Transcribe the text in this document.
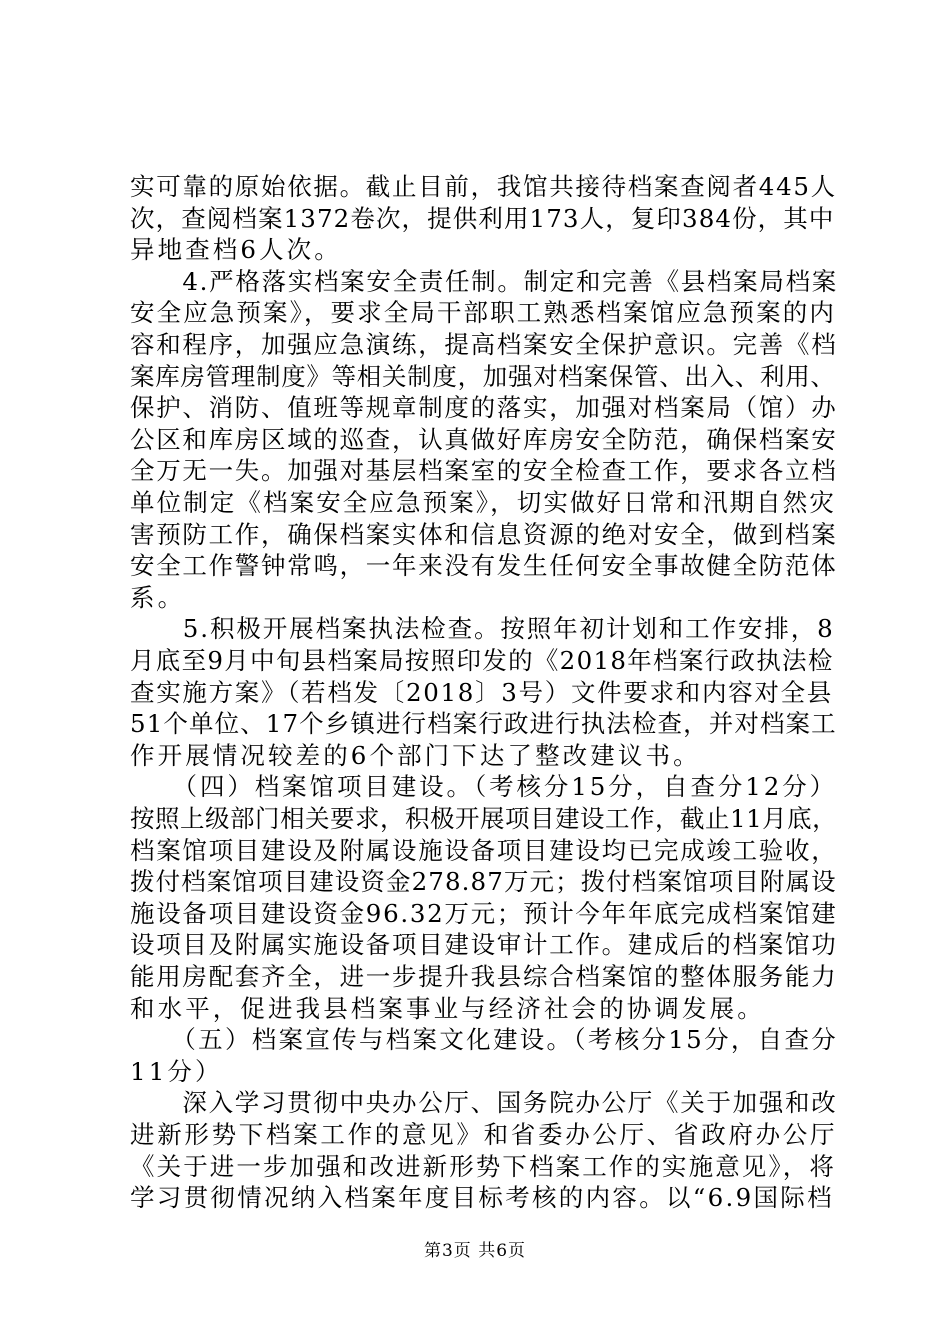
实可靠的原始依据。截止目前，我馆共接待档案查阅者445人
次，查阅档案1372卷次，提供利用173人，复印384份，其中
异地查档6人次。
　　4.严格落实档案安全责任制。制定和完善《县档案局档案
安全应急预案》，要求全局干部职工熟悉档案馆应急预案的内
容和程序，加强应急演练，提高档案安全保护意识。完善《档
案库房管理制度》等相关制度，加强对档案保管、出入、利用、
保护、消防、值班等规章制度的落实，加强对档案局（馆）办
公区和库房区域的巡查，认真做好库房安全防范，确保档案安
全万无一失。加强对基层档案室的安全检查工作，要求各立档
单位制定《档案安全应急预案》，切实做好日常和汛期自然灾
害预防工作，确保档案实体和信息资源的绝对安全，做到档案
安全工作警钟常鸣，一年来没有发生任何安全事故健全防范体
系。
　　5.积极开展档案执法检查。按照年初计划和工作安排，8
月底至9月中旬县档案局按照印发的《2018年档案行政执法检
查实施方案》（若档发〔2018〕3号）文件要求和内容对全县
51个单位、17个乡镇进行档案行政进行执法检查，并对档案工
作开展情况较差的6个部门下达了整改建议书。
　　（四）档案馆项目建设。（考核分15分，自查分12分）
按照上级部门相关要求，积极开展项目建设工作，截止11月底，
档案馆项目建设及附属设施设备项目建设均已完成竣工验收，
拨付档案馆项目建设资金278.87万元；拨付档案馆项目附属设
施设备项目建设资金96.32万元；预计今年年底完成档案馆建
设项目及附属实施设备项目建设审计工作。建成后的档案馆功
能用房配套齐全，进一步提升我县综合档案馆的整体服务能力
和水平，促进我县档案事业与经济社会的协调发展。
　　（五）档案宣传与档案文化建设。（考核分15分，自查分
11分）
　　深入学习贯彻中央办公厅、国务院办公厅《关于加强和改
进新形势下档案工作的意见》和省委办公厅、省政府办公厅
《关于进一步加强和改进新形势下档案工作的实施意见》，将
学习贯彻情况纳入档案年度目标考核的内容。以“6.9国际档
第3页 共6页
